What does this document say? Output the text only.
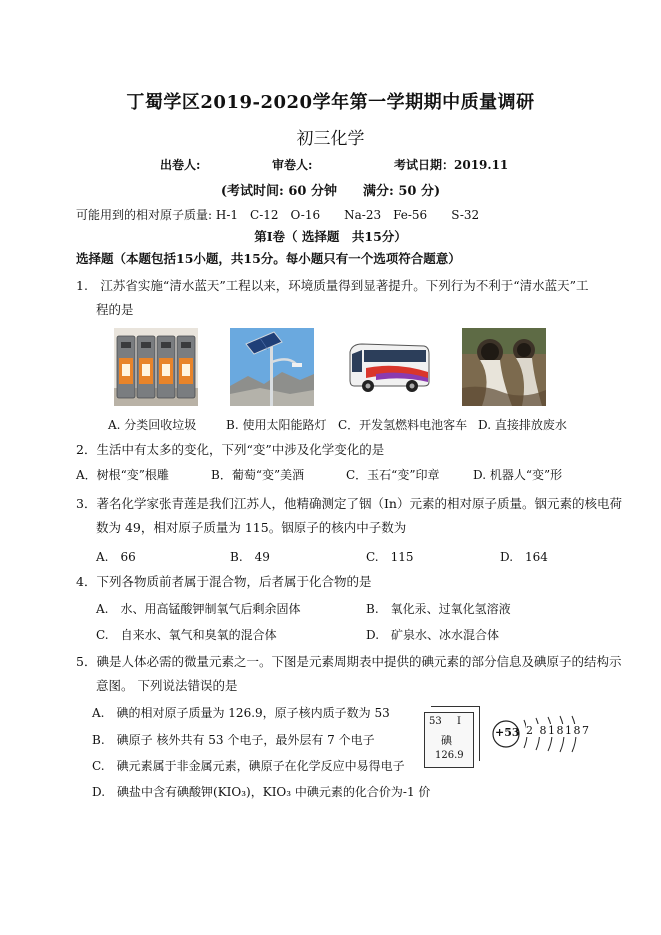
丁蜀学区2019-2020学年第一学期期中质量调研
初三化学
出卷人:	审卷人:	考试日期：2019.11
(考试时间: 60 分钟　　满分: 50 分)
可能用到的相对原子质量: H-1　C-12　O-16　　Na-23　Fe-56　　S-32
第Ⅰ卷（ 选择题　共15分）
选择题（本题包括15小题，共15分。每小题只有一个选项符合题意）
1.　江苏省实施“清水蓝天”工程以来，环境质量得到显著提升。下列行为不利于“清水蓝天”工
程的是
A. 分类回收垃圾 B. 使用太阳能路灯 C．开发氢燃料电池客车 D. 直接排放废水
2．生活中有太多的变化，下列“变”中涉及化学变化的是
A．树根“变”根雕	B．葡萄“变”美酒	C．玉石“变”印章	D. 机器人“变”形
3．著名化学家张青莲是我们江苏人，他精确测定了铟（In）元素的相对原子质量。铟元素的核电荷
数为 49，相对原子质量为 115。铟原子的核内中子数为
A.　66	B.　49	C.　115	D.　164
4．下列各物质前者属于混合物，后者属于化合物的是
A.　水、用高锰酸钾制氧气后剩余固体	B.　氧化汞、过氧化氢溶液
C.　自来水、氧气和臭氧的混合体	D.　矿泉水、冰水混合体
5．碘是人体必需的微量元素之一。下图是元素周期表中提供的碘元素的部分信息及碘原子的结构示
意图。 下列说法错误的是
A.　碘的相对原子质量为 126.9，原子核内质子数为 53
B.　碘原子 核外共有 53 个电子，最外层有 7 个电子
C.　碘元素属于非金属元素，碘原子在化学反应中易得电子
D.　碘盐中含有碘酸钾(KIO₃)，KIO₃ 中碘元素的化合价为-1 价
53 I
碘
126.9
+53 2 818187
